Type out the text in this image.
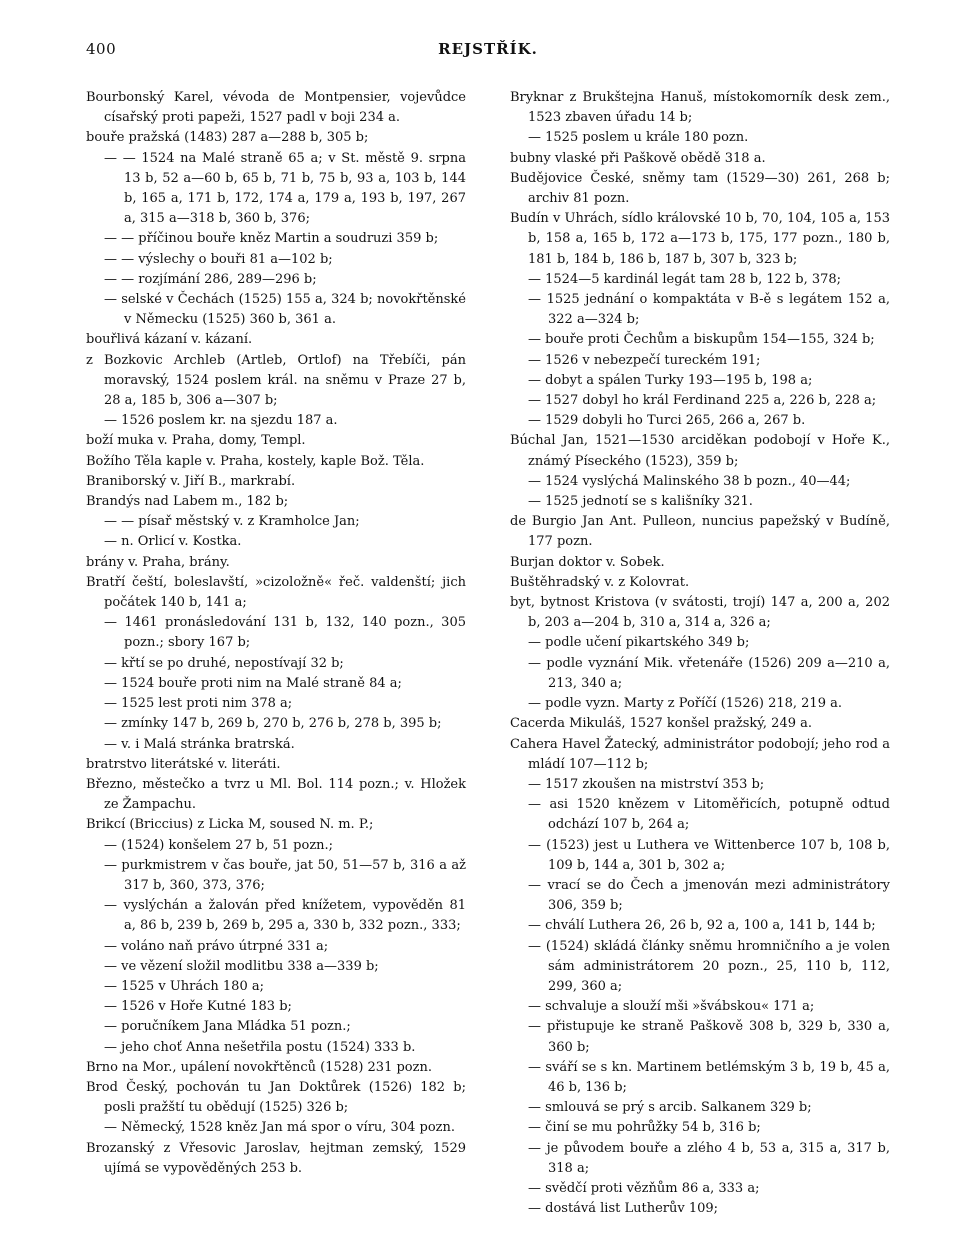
400	REJSTŘÍK.

Bourbonský Karel, vévoda de Montpensier, vojevůdce císařský proti papeži, 1527 padl v boji 234 a.

bouře pražská (1483) 287 a—288 b, 305 b;

— — 1524 na Malé straně 65 a; v St. městě 9. srpna 13 b, 52 a—60 b, 65 b, 71 b, 75 b, 93 a, 103 b, 144 b, 165 a, 171 b, 172, 174 a, 179 a, 193 b, 197, 267 a, 315 a—318 b, 360 b, 376;

— — příčinou bouře kněz Martin a soudruzi 359 b;

— — výslechy o bouři 81 a—102 b;

— — rozjímání 286, 289—296 b;

— selské v Čechách (1525) 155 a, 324 b; novokřtěnské v Německu (1525) 360 b, 361 a.

bouřlivá kázaní v. kázaní.

z Bozkovic Archleb (Artleb, Ortlof) na Třebíči, pán moravský, 1524 poslem král. na sněmu v Praze 27 b, 28 a, 185 b, 306 a—307 b;

— 1526 poslem kr. na sjezdu 187 a.

boží muka v. Praha, domy, Templ.

Božího Těla kaple v. Praha, kostely, kaple Bož. Těla.

Braniborský v. Jiří B., markrabí.

Brandýs nad Labem m., 182 b;

— — písař městský v. z Kramholce Jan;

— n. Orlicí v. Kostka.

brány v. Praha, brány.

Bratří čeští, boleslavští, »cizoložně« řeč. valdenští; jich počátek 140 b, 141 a;

— 1461 pronásledování 131 b, 132, 140 pozn., 305 pozn.; sbory 167 b;

— křtí se po druhé, nepostívají 32 b;

— 1524 bouře proti nim na Malé straně 84 a;

— 1525 lest proti nim 378 a;

— zmínky 147 b, 269 b, 270 b, 276 b, 278 b, 395 b;

— v. i Malá stránka bratrská.

bratrstvo literátské v. literáti.

Březno, městečko a tvrz u Ml. Bol. 114 pozn.; v. Hložek ze Žampachu.

Brikcí (Briccius) z Licka M, soused N. m. P.;

— (1524) konšelem 27 b, 51 pozn.;

— purkmistrem v čas bouře, jat 50, 51—57 b, 316 a až 317 b, 360, 373, 376;

— vyslýchán a žalován před knížetem, vypověděn 81 a, 86 b, 239 b, 269 b, 295 a, 330 b, 332 pozn., 333;

— voláno naň právo útrpné 331 a;

— ve vězení složil modlitbu 338 a—339 b;

— 1525 v Uhrách 180 a;

— 1526 v Hoře Kutné 183 b;

— poručníkem Jana Mládka 51 pozn.;

— jeho choť Anna nešetřila postu (1524) 333 b.

Brno na Mor., upálení novokřtěnců (1528) 231 pozn.

Brod Český, pochován tu Jan Doktůrek (1526) 182 b; posli pražští tu obědují (1525) 326 b;

— Německý, 1528 kněz Jan má spor o víru, 304 pozn.

Brozanský z Vřesovic Jaroslav, hejtman zemský, 1529 ujímá se vypověděných 253 b.

Bryknar z Brukštejna Hanuš, místokomorník desk zem., 1523 zbaven úřadu 14 b;

— 1525 poslem u krále 180 pozn.

bubny vlaské při Paškově obědě 318 a.

Budějovice České, sněmy tam (1529—30) 261, 268 b; archiv 81 pozn.

Budín v Uhrách, sídlo královské 10 b, 70, 104, 105 a, 153 b, 158 a, 165 b, 172 a—173 b, 175, 177 pozn., 180 b, 181 b, 184 b, 186 b, 187 b, 307 b, 323 b;

— 1524—5 kardinál legát tam 28 b, 122 b, 378;

— 1525 jednání o kompaktáta v B-ě s legátem 152 a, 322 a—324 b;

— bouře proti Čechům a biskupům 154—155, 324 b;

— 1526 v nebezpečí tureckém 191;

— dobyt a spálen Turky 193—195 b, 198 a;

— 1527 dobyl ho král Ferdinand 225 a, 226 b, 228 a;

— 1529 dobyli ho Turci 265, 266 a, 267 b.

Búchal Jan, 1521—1530 arciděkan podobojí v Hoře K., známý Píseckého (1523), 359 b;

— 1524 vyslýchá Malinského 38 b pozn., 40—44;

— 1525 jednotí se s kališníky 321.

de Burgio Jan Ant. Pulleon, nuncius papežský v Budíně, 177 pozn.

Burjan doktor v. Sobek.

Buštěhradský v. z Kolovrat.

byt, bytnost Kristova (v svátosti, trojí) 147 a, 200 a, 202 b, 203 a—204 b, 310 a, 314 a, 326 a;

— podle učení pikartského 349 b;

— podle vyznání Mik. vřetenáře (1526) 209 a—210 a, 213, 340 a;

— podle vyzn. Marty z Poříčí (1526) 218, 219 a.

Cacerda Mikuláš, 1527 konšel pražský, 249 a.

Cahera Havel Žatecký, administrátor podobojí; jeho rod a mládí 107—112 b;

— 1517 zkoušen na mistrství 353 b;

— asi 1520 knězem v Litoměřicích, potupně odtud odchází 107 b, 264 a;

— (1523) jest u Luthera ve Wittenberce 107 b, 108 b, 109 b, 144 a, 301 b, 302 a;

— vrací se do Čech a jmenován mezi administrátory 306, 359 b;

— chválí Luthera 26, 26 b, 92 a, 100 a, 141 b, 144 b;

— (1524) skládá články sněmu hromničního a je volen sám administrátorem 20 pozn., 25, 110 b, 112, 299, 360 a;

— schvaluje a slouží mši »švábskou« 171 a;

— přistupuje ke straně Paškově 308 b, 329 b, 330 a, 360 b;

— sváří se s kn. Martinem betlémským 3 b, 19 b, 45 a, 46 b, 136 b;

— smlouvá se prý s arcib. Salkanem 329 b;

— činí se mu pohrůžky 54 b, 316 b;

— je původem bouře a zlého 4 b, 53 a, 315 a, 317 b, 318 a;

— svědčí proti vězňům 86 a, 333 a;

— dostává list Lutherův 109;
